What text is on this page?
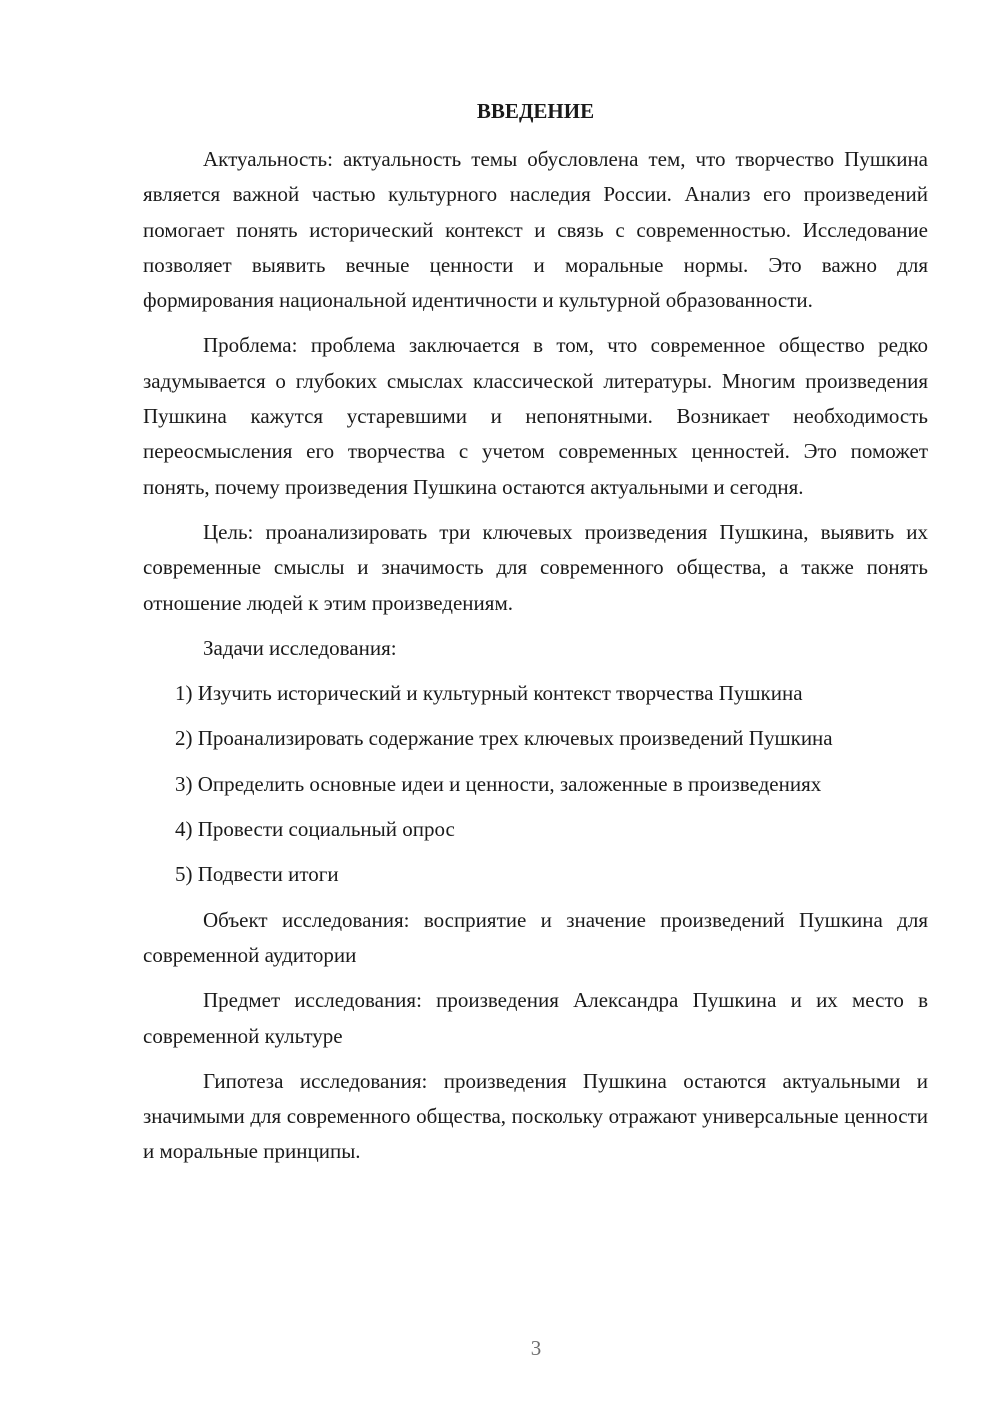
ВВЕДЕНИЕ

Актуальность: актуальность темы обусловлена тем, что творчество Пушкина является важной частью культурного наследия России. Анализ его произведений помогает понять исторический контекст и связь с современностью. Исследование позволяет выявить вечные ценности и моральные нормы. Это важно для формирования национальной идентичности и культурной образованности.

Проблема: проблема заключается в том, что современное общество редко задумывается о глубоких смыслах классической литературы. Многим произведения Пушкина кажутся устаревшими и непонятными. Возникает необходимость переосмысления его творчества с учетом современных ценностей. Это поможет понять, почему произведения Пушкина остаются актуальными и сегодня.

Цель: проанализировать три ключевых произведения Пушкина, выявить их современные смыслы и значимость для современного общества, а также понять отношение людей к этим произведениям.

Задачи исследования:

1) Изучить исторический и культурный контекст творчества Пушкина

2) Проанализировать содержание трех ключевых произведений Пушкина

3) Определить основные идеи и ценности, заложенные в произведениях

4) Провести социальный опрос

5) Подвести итоги

Объект исследования: восприятие и значение произведений Пушкина для современной аудитории

Предмет исследования: произведения Александра Пушкина и их место в современной культуре

Гипотеза исследования: произведения Пушкина остаются актуальными и значимыми для современного общества, поскольку отражают универсальные ценности и моральные принципы.

3
